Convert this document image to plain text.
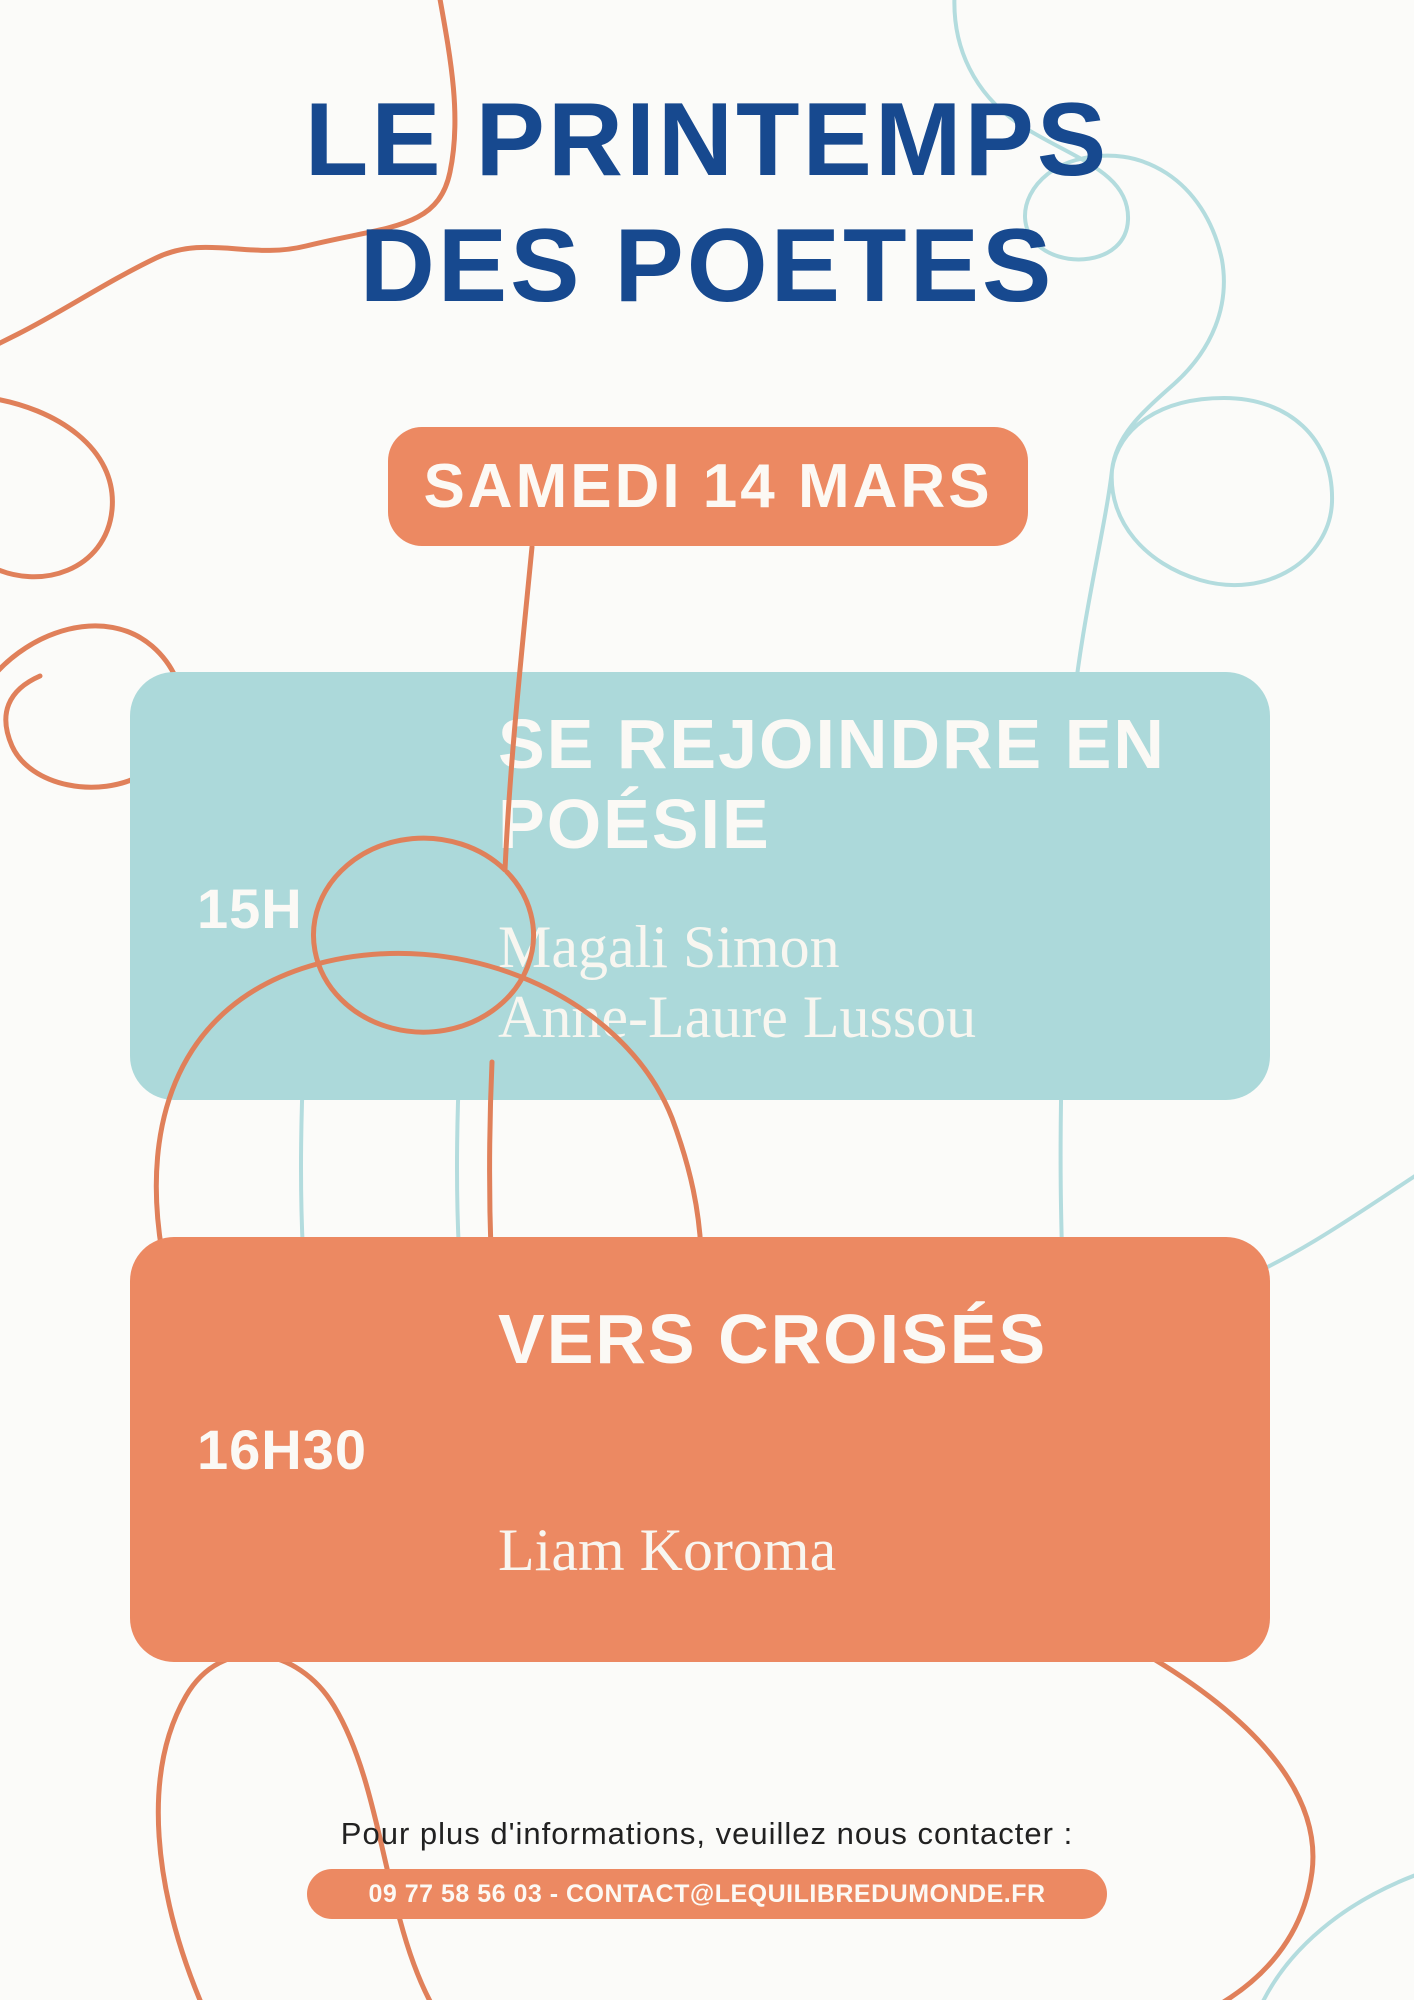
15H
SE REJOINDRE EN
POÉSIE
Magali Simon
Anne-Laure Lussou
16H30
VERS CROISÉS
Liam Koroma
LE PRINTEMPS
DES POETES
SAMEDI 14 MARS
Pour plus d'informations, veuillez nous contacter :
09 77 58 56 03 - CONTACT@LEQUILIBREDUMONDE.FR
